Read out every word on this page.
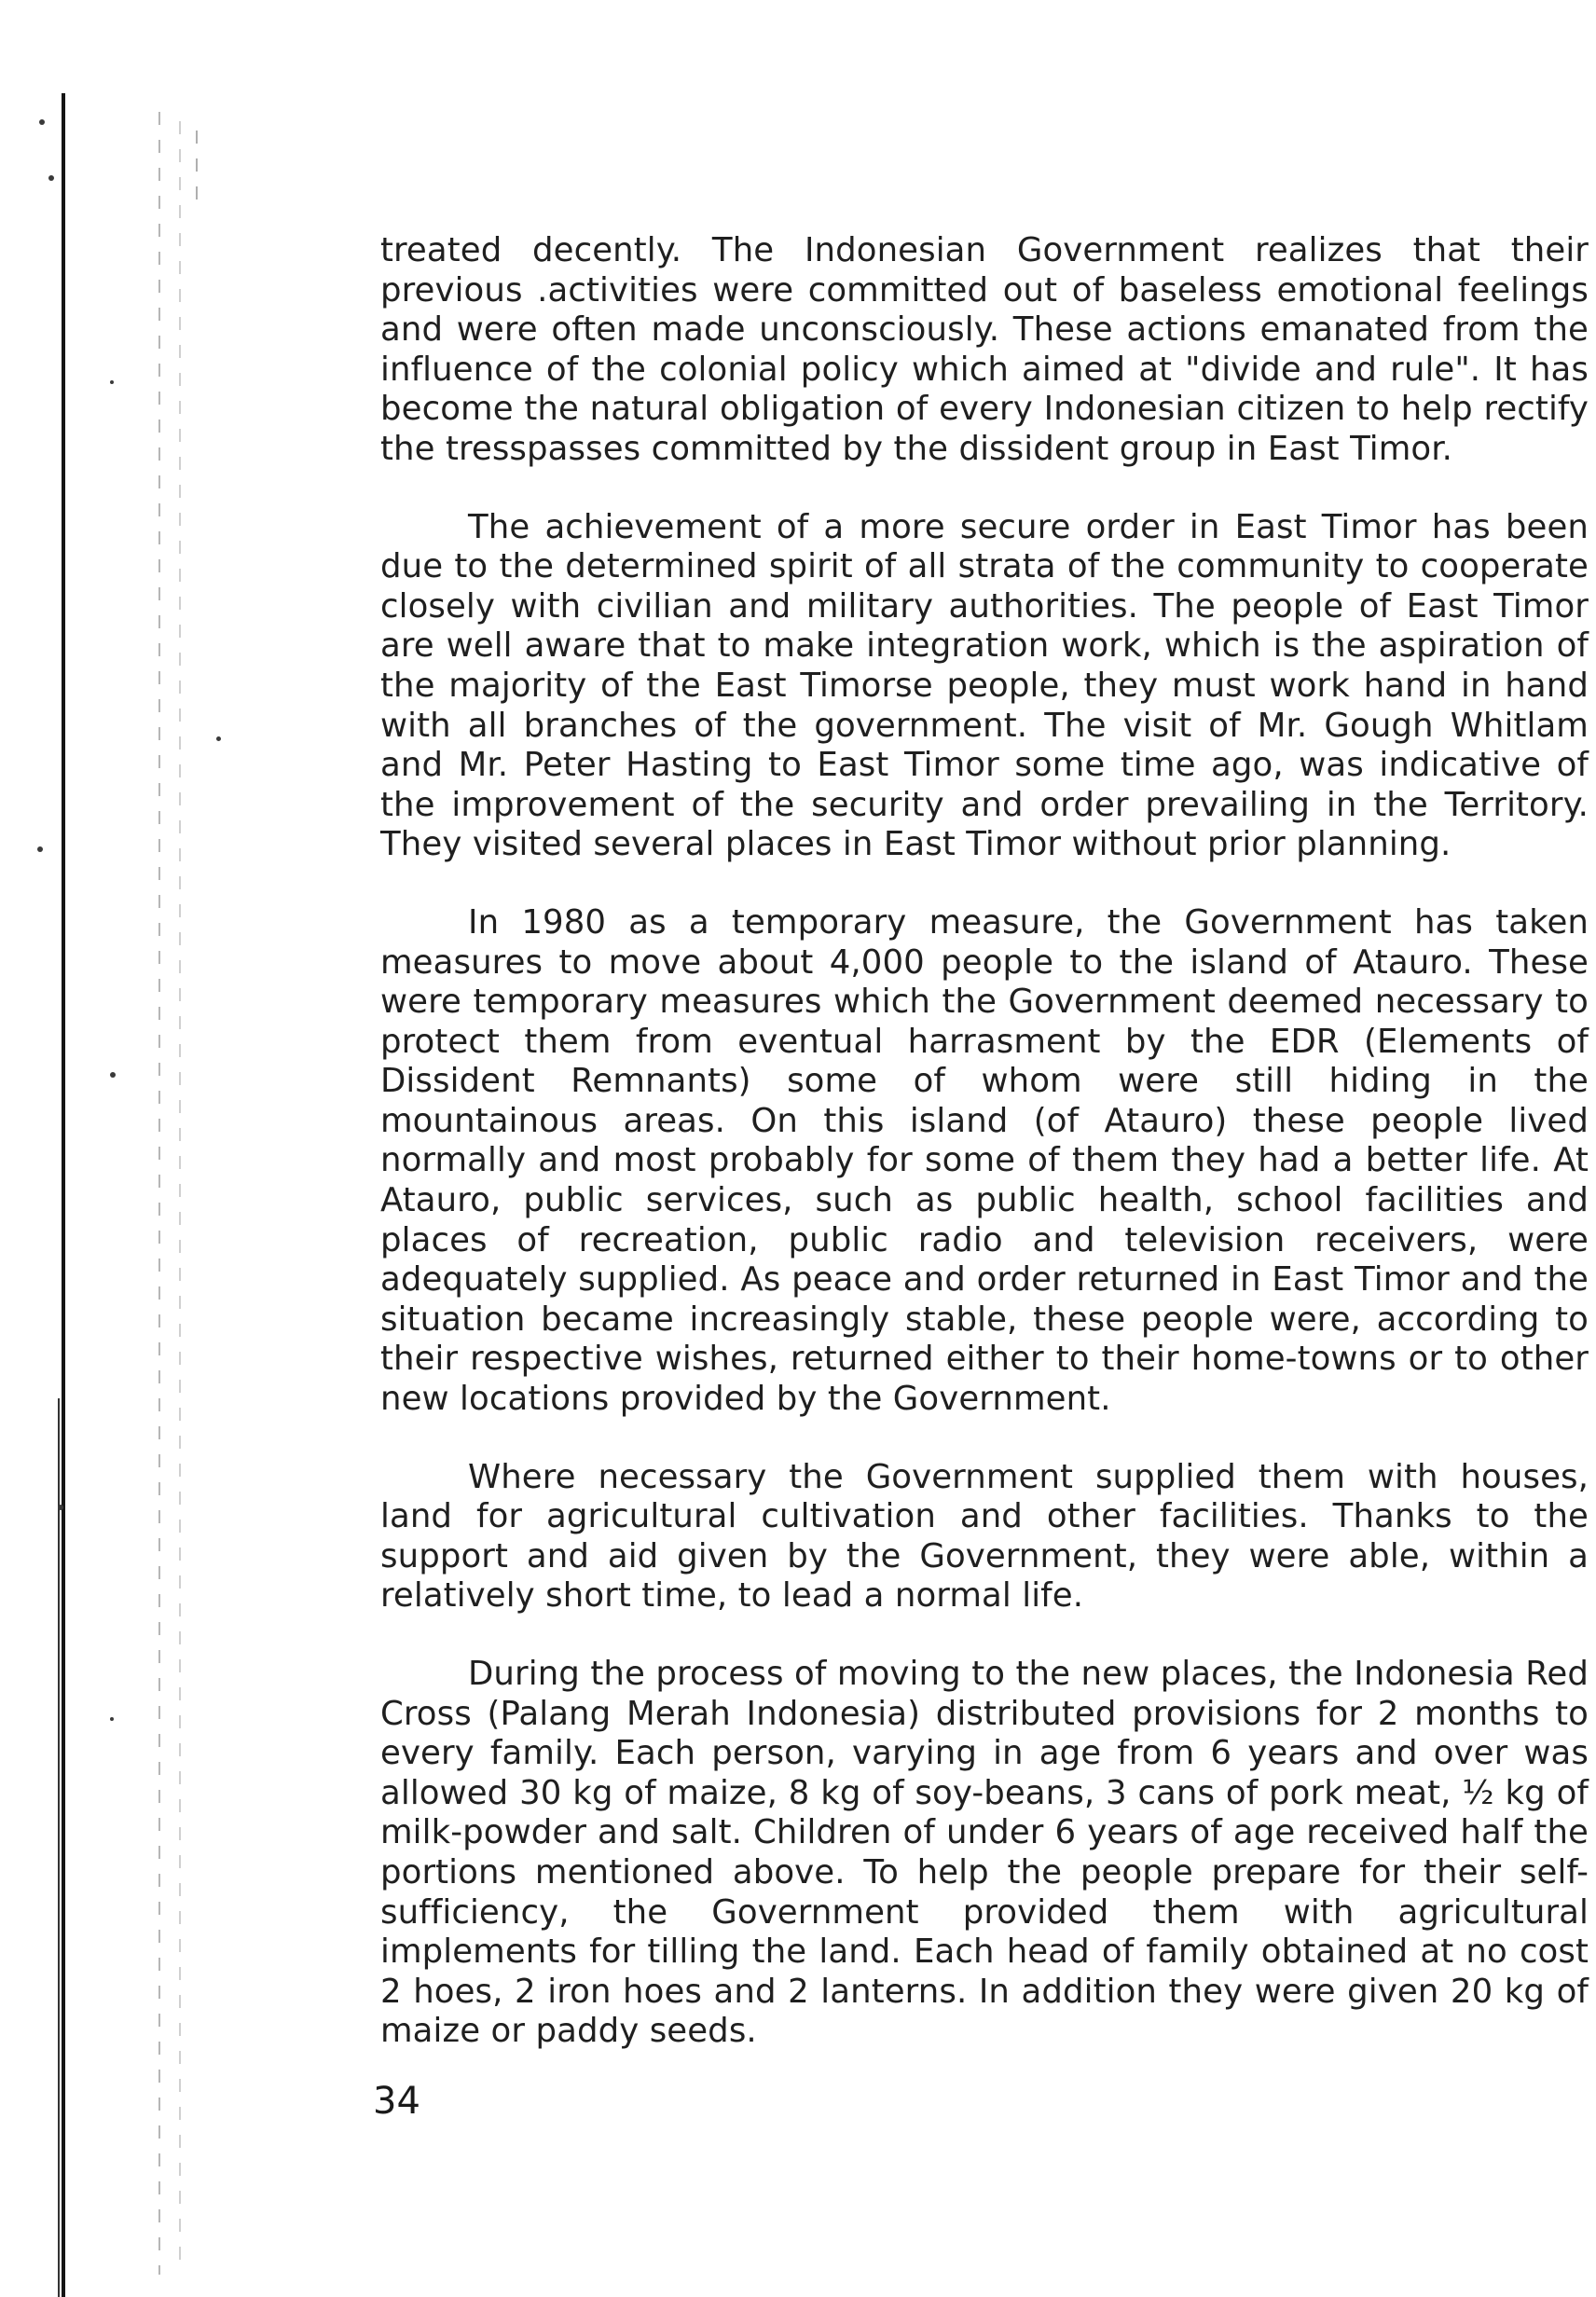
treated decently. The Indonesian Government realizes that their previous .activities were committed out of baseless emotional feelings and were often made unconsciously. These actions emanated from the influence of the colonial policy which aimed at "divide and rule". It has become the natural obligation of every Indonesian citizen to help rectify the tresspasses committed by the dissident group in East Timor.

The achievement of a more secure order in East Timor has been due to the determined spirit of all strata of the community to cooperate closely with civilian and military authorities. The people of East Timor are well aware that to make integration work, which is the aspiration of the majority of the East Timorse people, they must work hand in hand with all branches of the government. The visit of Mr. Gough Whitlam and Mr. Peter Hasting to East Timor some time ago, was indicative of the improvement of the security and order prevailing in the Territory. They visited several places in East Timor without prior planning.

In 1980 as a temporary measure, the Government has taken measures to move about 4,000 people to the island of Atauro. These were temporary measures which the Government deemed necessary to protect them from eventual harrasment by the EDR (Elements of Dissident Remnants) some of whom were still hiding in the mountainous areas. On this island (of Atauro) these people lived normally and most probably for some of them they had a better life. At Atauro, public services, such as public health, school facilities and places of recreation, public radio and television receivers, were adequately supplied. As peace and order returned in East Timor and the situation became increasingly stable, these people were, according to their respective wishes, returned either to their home-towns or to other new locations provided by the Government.

Where necessary the Government supplied them with houses, land for agricultural cultivation and other facilities. Thanks to the support and aid given by the Government, they were able, within a relatively short time, to lead a normal life.

During the process of moving to the new places, the Indonesia Red Cross (Palang Merah Indonesia) distributed provisions for 2 months to every family. Each person, varying in age from 6 years and over was allowed 30 kg of maize, 8 kg of soy-beans, 3 cans of pork meat, ½ kg of milk-powder and salt. Children of under 6 years of age received half the portions mentioned above. To help the people prepare for their self-sufficiency, the Government provided them with agricultural implements for tilling the land. Each head of family obtained at no cost 2 hoes, 2 iron hoes and 2 lanterns. In addition they were given 20 kg of maize or paddy seeds.

34
